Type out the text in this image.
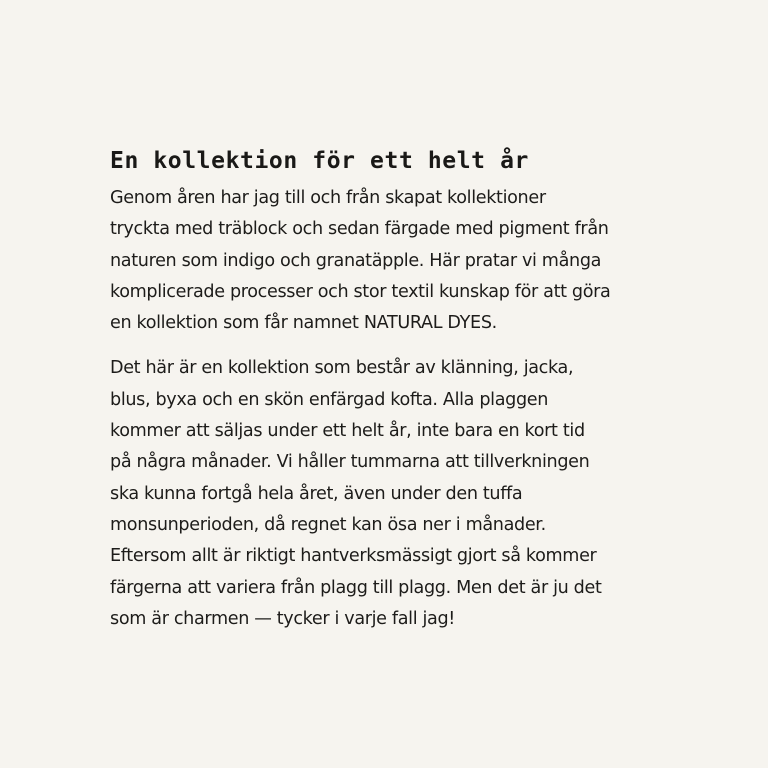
En kollektion för ett helt år

Genom åren har jag till och från skapat kollektioner
tryckta med träblock och sedan färgade med pigment från
naturen som indigo och granatäpple. Här pratar vi många
komplicerade processer och stor textil kunskap för att göra
en kollektion som får namnet NATURAL DYES.

Det här är en kollektion som består av klänning, jacka,
blus, byxa och en skön enfärgad kofta. Alla plaggen
kommer att säljas under ett helt år, inte bara en kort tid
på några månader. Vi håller tummarna att tillverkningen
ska kunna fortgå hela året, även under den tuffa
monsunperioden, då regnet kan ösa ner i månader.
Eftersom allt är riktigt hantverksmässigt gjort så kommer
färgerna att variera från plagg till plagg. Men det är ju det
som är charmen — tycker i varje fall jag!
